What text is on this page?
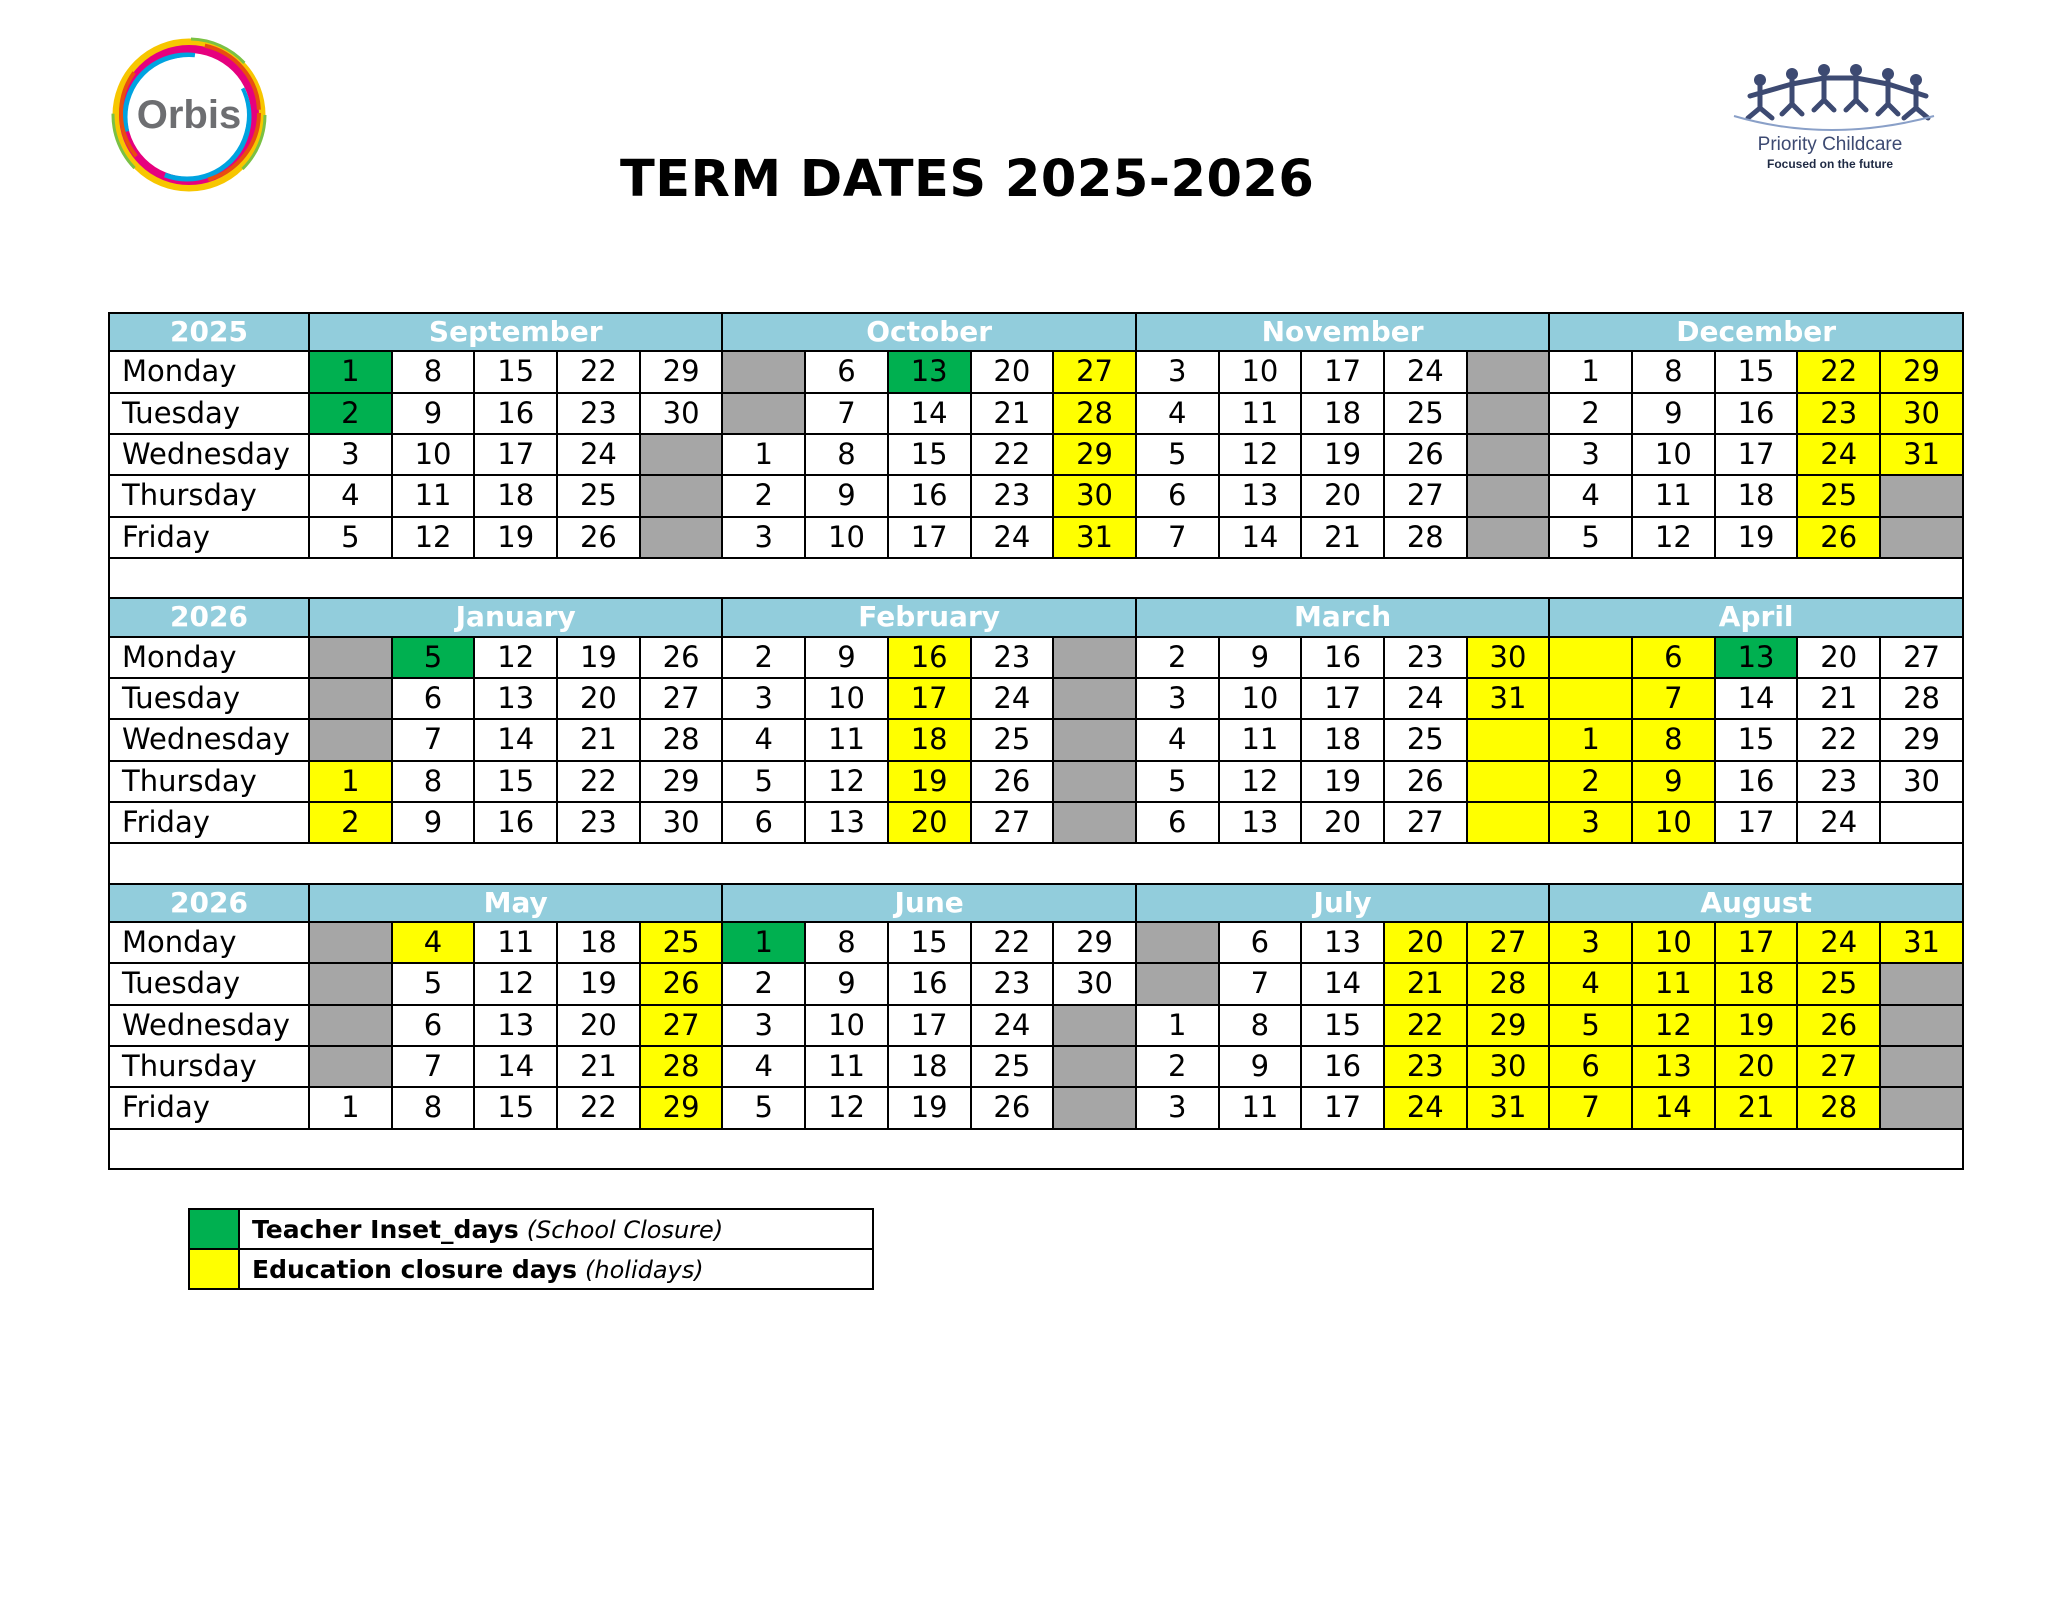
Orbis
Priority Childcare
Focused on the future
TERM DATES 2025-2026
2025	September					October					November					December				
Monday	1	8	15	22	29		6	13	20	27	3	10	17	24		1	8	15	22	29
Tuesday	2	9	16	23	30		7	14	21	28	4	11	18	25		2	9	16	23	30
Wednesday	3	10	17	24		1	8	15	22	29	5	12	19	26		3	10	17	24	31
Thursday	4	11	18	25		2	9	16	23	30	6	13	20	27		4	11	18	25	
Friday	5	12	19	26		3	10	17	24	31	7	14	21	28		5	12	19	26	

2026	January					February					March					April				
Monday		5	12	19	26	2	9	16	23		2	9	16	23	30		6	13	20	27
Tuesday		6	13	20	27	3	10	17	24		3	10	17	24	31		7	14	21	28
Wednesday		7	14	21	28	4	11	18	25		4	11	18	25		1	8	15	22	29
Thursday	1	8	15	22	29	5	12	19	26		5	12	19	26		2	9	16	23	30
Friday	2	9	16	23	30	6	13	20	27		6	13	20	27		3	10	17	24	

2026	May					June					July					August				
Monday		4	11	18	25	1	8	15	22	29		6	13	20	27	3	10	17	24	31
Tuesday		5	12	19	26	2	9	16	23	30		7	14	21	28	4	11	18	25	
Wednesday		6	13	20	27	3	10	17	24		1	8	15	22	29	5	12	19	26	
Thursday		7	14	21	28	4	11	18	25		2	9	16	23	30	6	13	20	27	
Friday	1	8	15	22	29	5	12	19	26		3	11	17	24	31	7	14	21	28	

	Teacher Inset_days (School Closure)
	Education closure days (holidays)
